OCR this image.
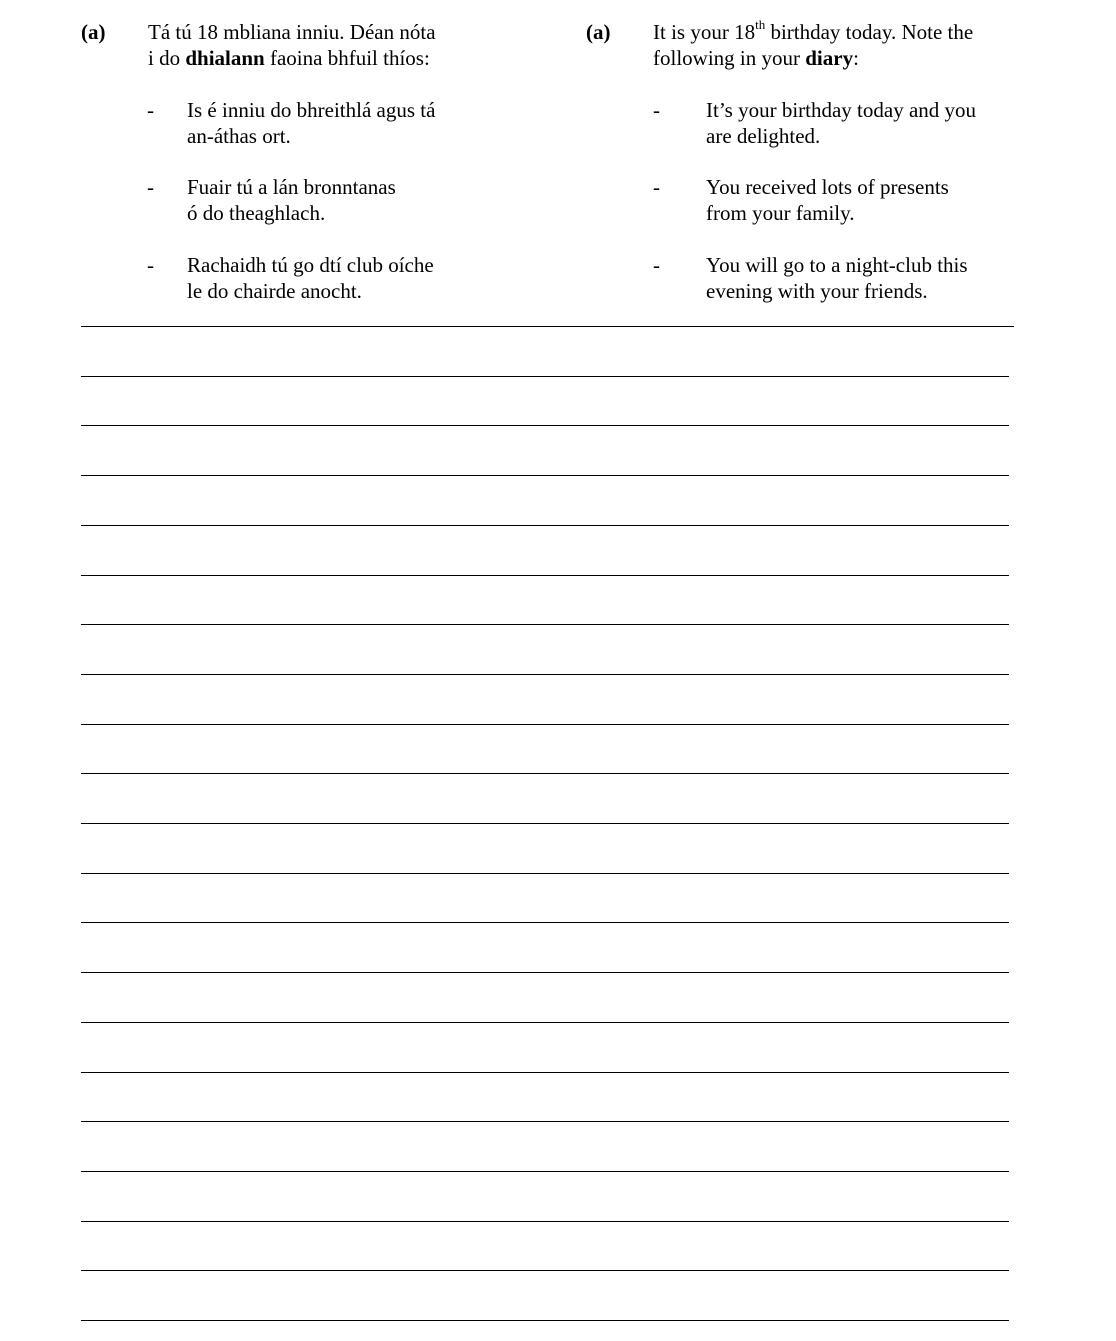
(a) Tá tú 18 mbliana inniu. Déan nóta
i do dhialann faoina bhfuil thíos:
- Is é inniu do bhreithlá agus tá
an-áthas ort.
- Fuair tú a lán bronntanas
ó do theaghlach.
- Rachaidh tú go dtí club oíche
le do chairde anocht.
(a) It is your 18th birthday today. Note the
following in your diary:
- It’s your birthday today and you
are delighted.
- You received lots of presents
from your family.
- You will go to a night-club this
evening with your friends.
